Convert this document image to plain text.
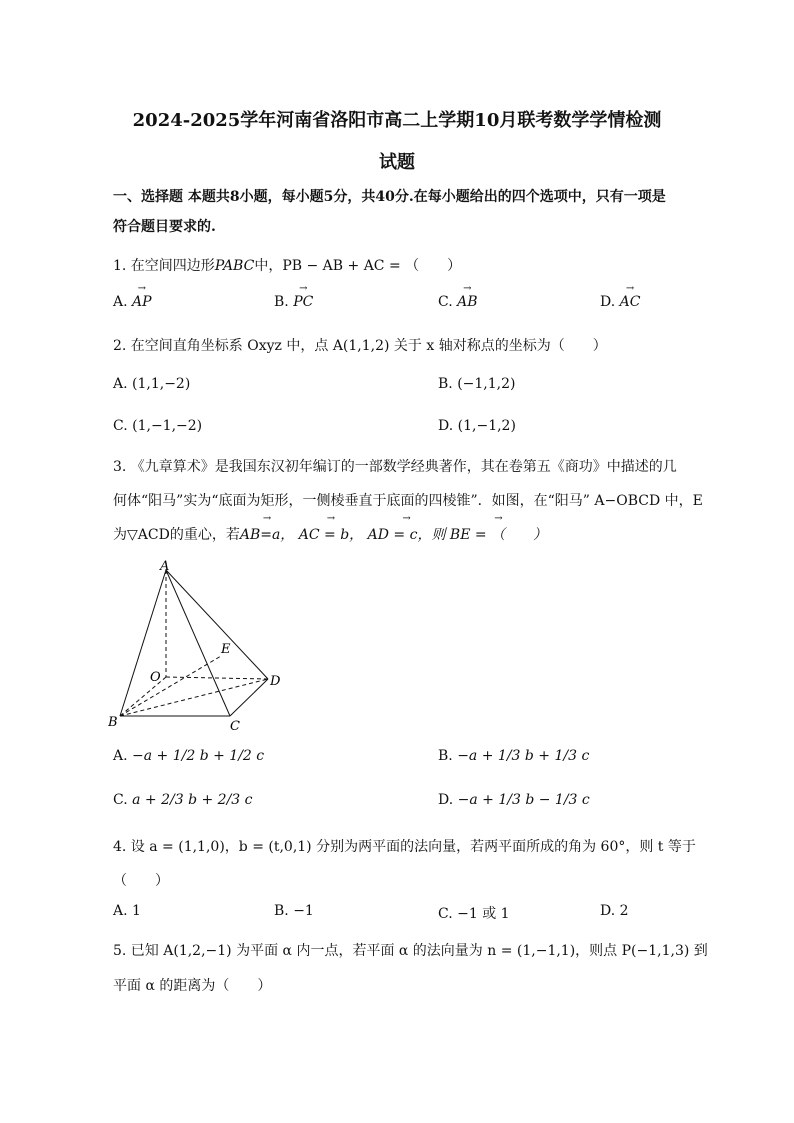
2024-2025学年河南省洛阳市高二上学期10月联考数学学情检测
试题
一、选择题 本题共8小题，每小题5分，共40分.在每小题给出的四个选项中，只有一项是
符合题目要求的.
1. 在空间四边形PABC中，PB − AB + AC = （　　）
A. → AP	B. → PC	C. → AB	D. → AC
2. 在空间直角坐标系 Oxyz 中，点 A(1,1,2) 关于 x 轴对称点的坐标为（　　）
A. (1,1,−2)	B. (−1,1,2)
C. (1,−1,−2)	D. (1,−1,2)
3. 《九章算术》是我国东汉初年编订的一部数学经典著作，其在卷第五《商功》中描述的几
何体“阳马”实为“底面为矩形，一侧棱垂直于底面的四棱锥”．如图，在“阳马” A−OBCD 中，E
为▽ACD的重心，若→ AB=a， → AC = b， → AD = c，则 → BE = （　　）
A
B	C
D
E
O
A. −a + 1/2 b + 1/2 c	B. −a + 1/3 b + 1/3 c
C. a + 2/3 b + 2/3 c	D. −a + 1/3 b − 1/3 c
4. 设 a = (1,1,0)，b = (t,0,1) 分别为两平面的法向量，若两平面所成的角为 60°，则 t 等于
（　　）
A. 1	B. −1	C. −1 或 1	D. 2
5. 已知 A(1,2,−1) 为平面 α 内一点，若平面 α 的法向量为 n = (1,−1,1)，则点 P(−1,1,3) 到
平面 α 的距离为（　　）
